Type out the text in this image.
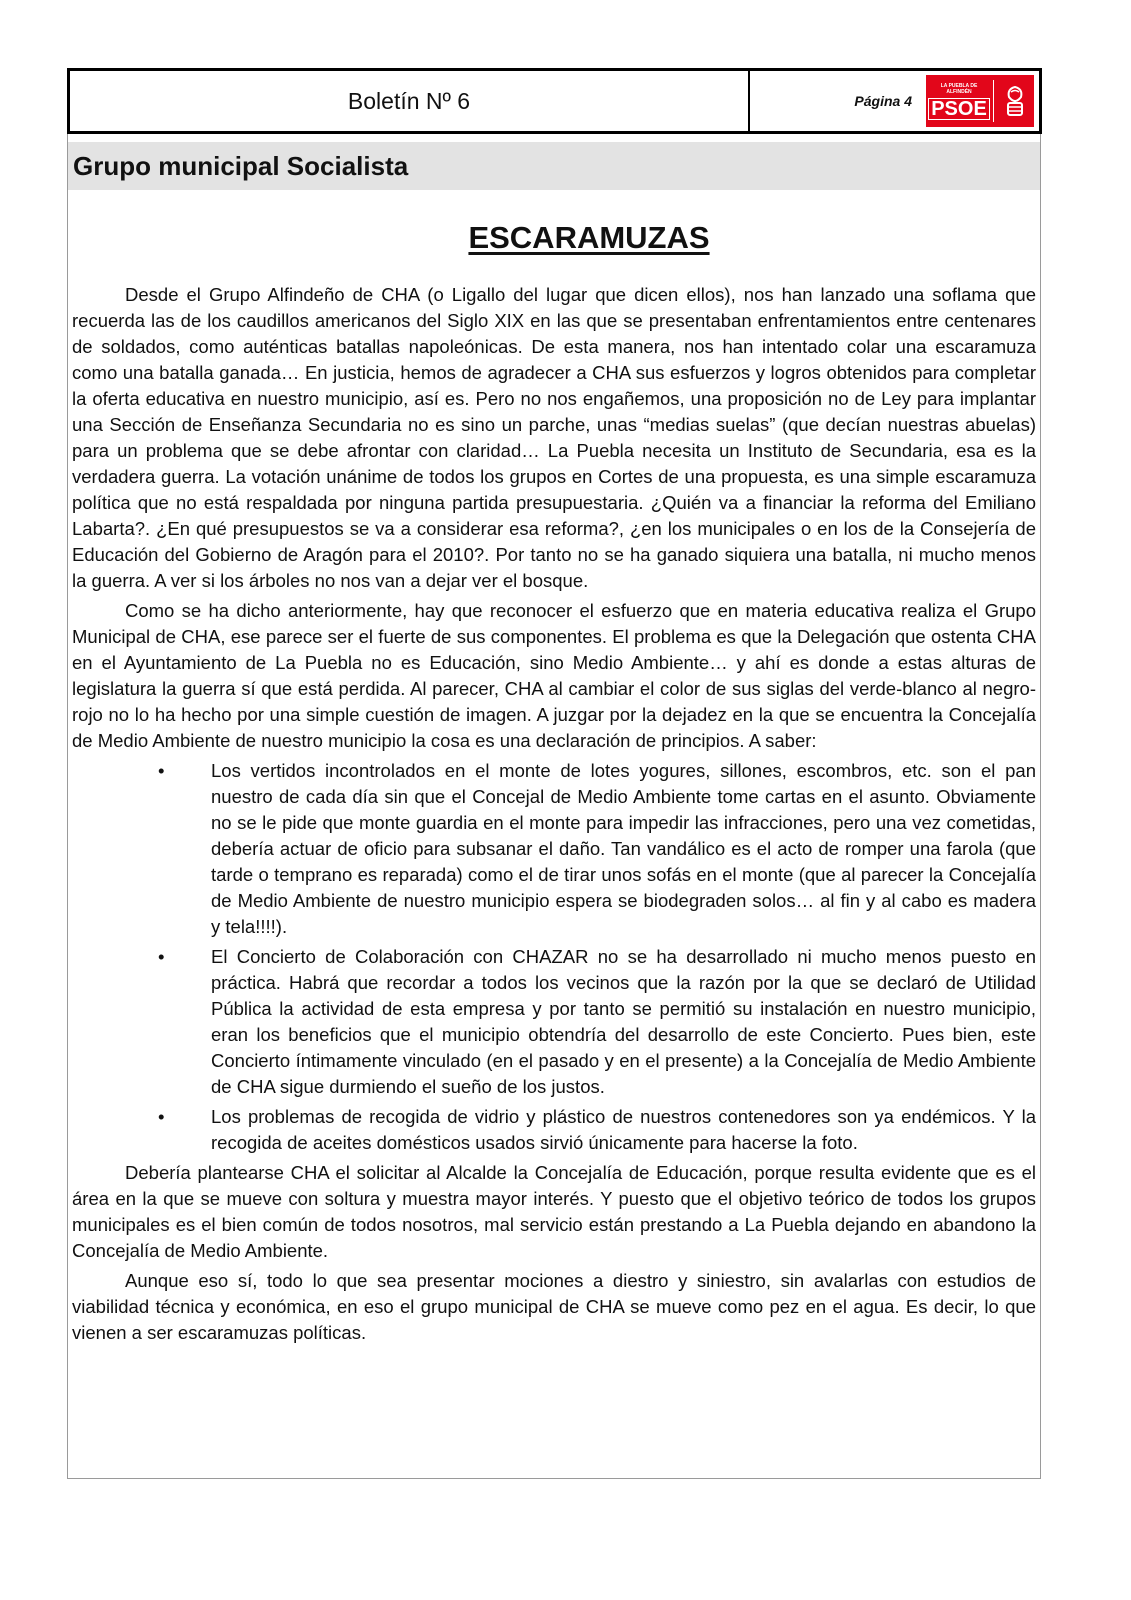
Boletín Nº 6	Página 4
LA PUEBLA DE ALFINDÉN
PSOE
Grupo municipal Socialista
ESCARAMUZAS

Desde el Grupo Alfindeño de CHA (o Ligallo del lugar que dicen ellos), nos han lanzado una soflama que recuerda las de los caudillos americanos del Siglo XIX en las que se presentaban enfrentamientos entre centenares de soldados, como auténticas batallas napoleónicas. De esta manera, nos han intentado colar una escaramuza como una batalla ganada… En justicia, hemos de agradecer a CHA sus esfuerzos y logros obtenidos para completar la oferta educativa en nuestro municipio, así es. Pero no nos engañemos, una proposición no de Ley para implantar una Sección de Enseñanza Secundaria no es sino un parche, unas “medias suelas” (que decían nuestras abuelas) para un problema que se debe afrontar con claridad… La Puebla necesita un Instituto de Secundaria, esa es la verdadera guerra. La votación unánime de todos los grupos en Cortes de una propuesta, es una simple escaramuza política que no está respaldada por ninguna partida presupuestaria. ¿Quién va a financiar la reforma del Emiliano Labarta?. ¿En qué presupuestos se va a considerar esa reforma?, ¿en los municipales o en los de la Consejería de Educación del Gobierno de Aragón para el 2010?. Por tanto no se ha ganado siquiera una batalla, ni mucho menos la guerra. A ver si los árboles no nos van a dejar ver el bosque.

Como se ha dicho anteriormente, hay que reconocer el esfuerzo que en materia educativa realiza el Grupo Municipal de CHA, ese parece ser el fuerte de sus componentes. El problema es que la Delegación que ostenta CHA en el Ayuntamiento de La Puebla no es Educación, sino Medio Ambiente… y ahí es donde a estas alturas de legislatura la guerra sí que está perdida. Al parecer, CHA al cambiar el color de sus siglas del verde-blanco al negro-rojo no lo ha hecho por una simple cuestión de imagen. A juzgar por la dejadez en la que se encuentra la Concejalía de Medio Ambiente de nuestro municipio la cosa es una declaración de principios. A saber:

•	Los vertidos incontrolados en el monte de lotes yogures, sillones, escombros, etc. son el pan nuestro de cada día sin que el Concejal de Medio Ambiente tome cartas en el asunto. Obviamente no se le pide que monte guardia en el monte para impedir las infracciones, pero una vez cometidas, debería actuar de oficio para subsanar el daño. Tan vandálico es el acto de romper una farola (que tarde o temprano es reparada) como el de tirar unos sofás en el monte (que al parecer la Concejalía de Medio Ambiente de nuestro municipio espera se biodegraden solos… al fin y al cabo es madera y tela!!!!).
•	El Concierto de Colaboración con CHAZAR no se ha desarrollado ni mucho menos puesto en práctica. Habrá que recordar a todos los vecinos que la razón por la que se declaró de Utilidad Pública la actividad de esta empresa y por tanto se permitió su instalación en nuestro municipio, eran los beneficios que el municipio obtendría del desarrollo de este Concierto. Pues bien, este Concierto íntimamente vinculado (en el pasado y en el presente) a la Concejalía de Medio Ambiente de CHA sigue durmiendo el sueño de los justos.
•	Los problemas de recogida de vidrio y plástico de nuestros contenedores son ya endémicos. Y la recogida de aceites domésticos usados sirvió únicamente para hacerse la foto.

Debería plantearse CHA el solicitar al Alcalde la Concejalía de Educación, porque resulta evidente que es el área en la que se mueve con soltura y muestra mayor interés. Y puesto que el objetivo teórico de todos los grupos municipales es el bien común de todos nosotros, mal servicio están prestando a La Puebla dejando en abandono la Concejalía de Medio Ambiente.

Aunque eso sí, todo lo que sea presentar mociones a diestro y siniestro, sin avalarlas con estudios de viabilidad técnica y económica, en eso el grupo municipal de CHA se mueve como pez en el agua. Es decir, lo que vienen a ser escaramuzas políticas.
